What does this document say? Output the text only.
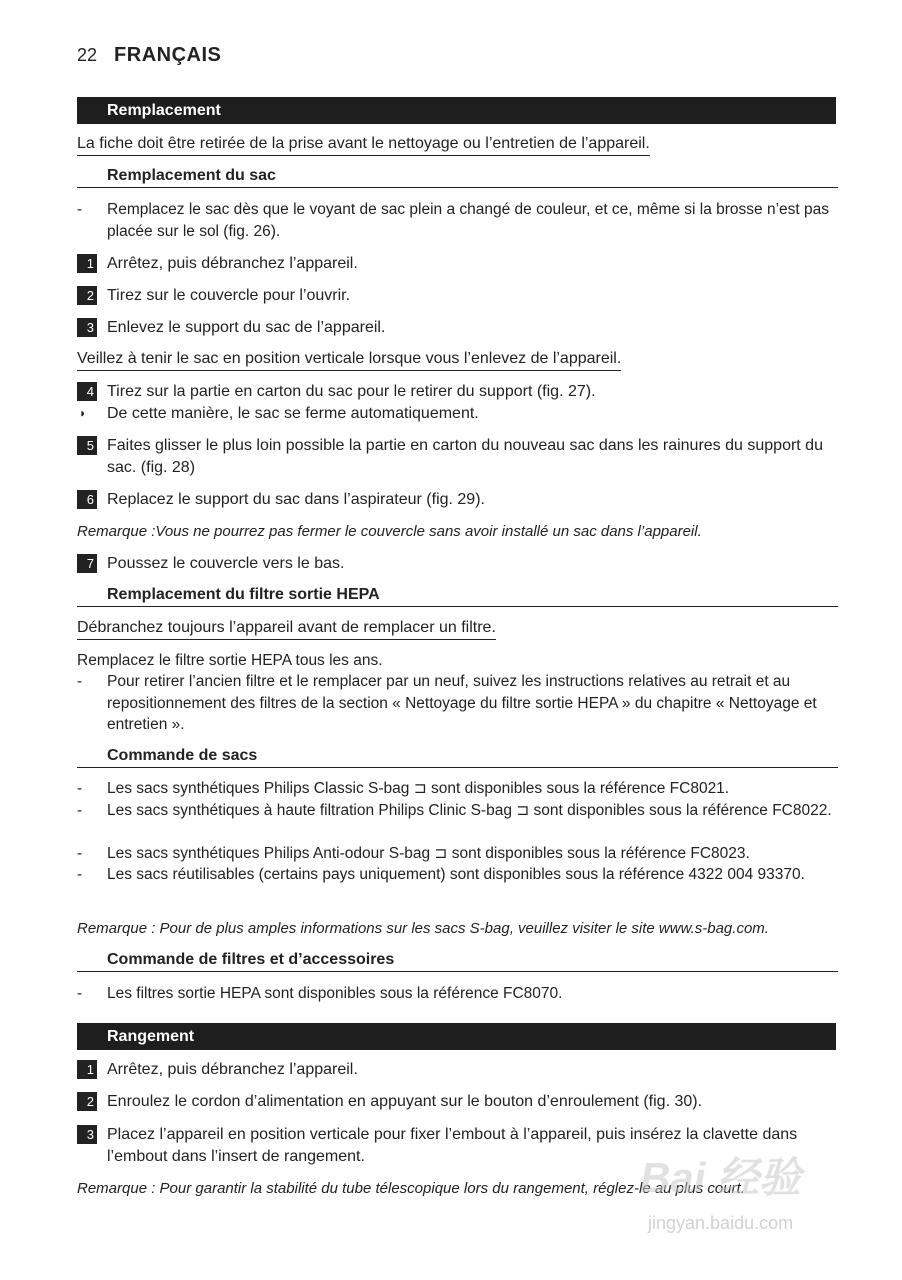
22 FRANÇAIS
Remplacement
La fiche doit être retirée de la prise avant le nettoyage ou l’entretien de l’appareil.
Remplacement du sac
- Remplacez le sac dès que le voyant de sac plein a changé de couleur, et ce, même si la brosse n’est pas placée sur le sol (fig. 26).
1 Arrêtez, puis débranchez l’appareil.
2 Tirez sur le couvercle pour l’ouvrir.
3 Enlevez le support du sac de l’appareil.
Veillez à tenir le sac en position verticale lorsque vous l’enlevez de l’appareil.
4 Tirez sur la partie en carton du sac pour le retirer du support (fig. 27).
◗ De cette manière, le sac se ferme automatiquement.
5 Faites glisser le plus loin possible la partie en carton du nouveau sac dans les rainures du support du sac. (fig. 28)
6 Replacez le support du sac dans l’aspirateur (fig. 29).
Remarque :Vous ne pourrez pas fermer le couvercle sans avoir installé un sac dans l’appareil.
7 Poussez le couvercle vers le bas.
Remplacement du filtre sortie HEPA
Débranchez toujours l’appareil avant de remplacer un filtre.
Remplacez le filtre sortie HEPA tous les ans.
- Pour retirer l’ancien filtre et le remplacer par un neuf, suivez les instructions relatives au retrait et au repositionnement des filtres de la section « Nettoyage du filtre sortie HEPA » du chapitre « Nettoyage et entretien ».
Commande de sacs
- Les sacs synthétiques Philips Classic S-bag ⊐ sont disponibles sous la référence FC8021.
- Les sacs synthétiques à haute filtration Philips Clinic S-bag ⊐ sont disponibles sous la référence FC8022.
- Les sacs synthétiques Philips Anti-odour S-bag ⊐ sont disponibles sous la référence FC8023.
- Les sacs réutilisables (certains pays uniquement) sont disponibles sous la référence 4322 004 93370.
Remarque : Pour de plus amples informations sur les sacs S-bag, veuillez visiter le site www.s-bag.com.
Commande de filtres et d’accessoires
- Les filtres sortie HEPA sont disponibles sous la référence FC8070.
Rangement
1 Arrêtez, puis débranchez l’appareil.
2 Enroulez le cordon d’alimentation en appuyant sur le bouton d’enroulement (fig. 30).
3 Placez l’appareil en position verticale pour fixer l’embout à l’appareil, puis insérez la clavette dans l’embout dans l’insert de rangement.
Remarque : Pour garantir la stabilité du tube télescopique lors du rangement, réglez-le au plus court.
Bai 经验
jingyan.baidu.com
